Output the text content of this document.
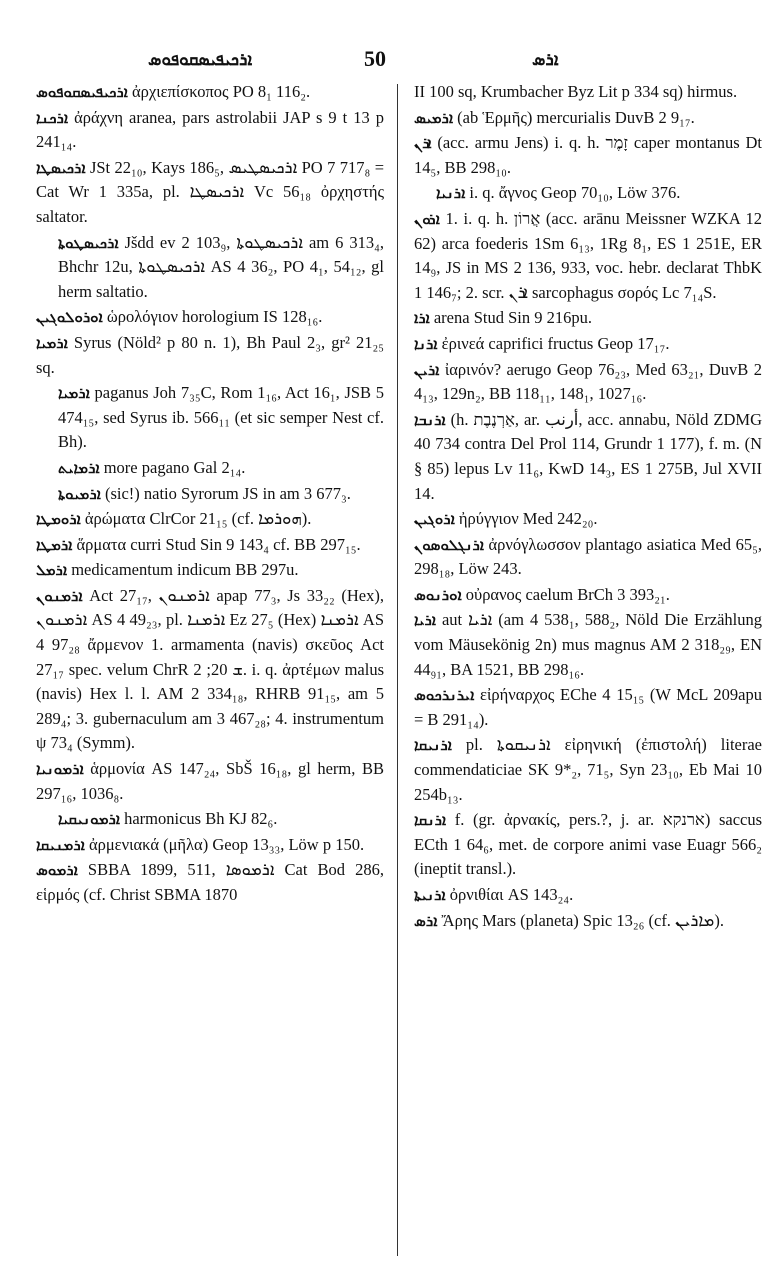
ܐܪܟܝܦܝܣܩܘܦܘܣ	50	ܐܪܣ

ܐܪܟܝܦܝܣܩܘܦܘܣ ἀρχιεπίσκοπος PO 8₁ 116₂.

ܐܪܟܢܐ ἀράχνη aranea, pars astrolabii JAP s 9 t 13 p 241₁₄.

ܐܪܟܝܣܛܐ JSt 22₁₀, Kays 186₅, ܐܪܟܝܣܛܝܣ PO 7 717₈ = Cat Wr 1 335a, pl. ܐܪܟܝܣܛܐ Vc 56₁₈ ὀρχηστής saltator.

ܐܪܟܝܣܛܘܬܐ Jšdd ev 2 103₉, ܐܪܟܝܣܛܘܬܐ am 6 313₄, Bhchr 12u, ܐܪܟܝܣܛܘܬܐ AS 4 36₂, PO 4₁, 54₁₂, gl herm saltatio.

ܐܘܪܘܠܘܓܝܢ ὡρολόγιον horologium IS 128₁₆.

ܐܪܡܝܐ Syrus (Nöld² p 80 n. 1), Bh Paul 2₃, gr² 21₂₅ sq.

ܐܪܡܝܐ paganus Joh 7₃₅C, Rom 1₁₆, Act 16₁, JSB 5 474₁₅, sed Syrus ib. 566₁₁ (et sic semper Nest cf. Bh).

ܐܪܡܐܝܬ more pagano Gal 2₁₄.

ܐܪܡܝܘܬܐ (sic!) natio Syrorum JS in am 3 677₃.

ܐܪܘܡܛܐ ἀρώματα ClrCor 21₁₅ (cf. ܗܘܪܡܐ).

ܐܪܡܛܐ ἅρματα curri Stud Sin 9 143₄ cf. BB 297₁₅.

ܐܪܡܠ medicamentum indicum BB 297u.

ܐܪܡܢܘܢ Act 27₁₇, ܐܪܡܢܘܢ apap 77₃, Js 33₂₂ (Hex), ܐܪܡܢܘܢ AS 4 49₂₃, pl. ܐܪܡܢܐ Ez 27₅ (Hex) ܐܪܡܢܐ AS 4 97₂₈ ἄρμενον 1. armamenta (navis) σκεῦος Act 27₁₇ spec. velum ChrR ܫ 20; 2. i. q. ἀρτέμων malus (navis) Hex l. l. AM 2 334₁₈, RHRB 91₁₅, am 5 289₄; 3. gubernaculum am 3 467₂₈; 4. instrumentum ψ 73₄ (Symm).

ܐܪܡܘܢܝܐ ἁρμονία AS 147₂₄, SbŠ 16₁₈, gl herm, BB 297₁₆, 1036₈.

ܐܪܡܘܢܝܩܝܐ harmonicus Bh KJ 82₆.

ܐܪܡܢܝܩܐ ἀρμενιακά (μῆλα) Geop 13₃₃, Löw p 150.

ܐܪܡܘܣ SBBA 1899, 511, ܐܪܡܘܣܐ Cat Bod 286, εἱρμός (cf. Christ SBMA 1870

II 100 sq, Krumbacher Byz Lit p 334 sq) hirmus.

ܐܪܡܝܣ (ab Ἑρμῆς) mercurialis DuvB 2 9₁₇.

ܐܪܢ (acc. armu Jens) i. q. h. זָמֶר caper montanus Dt 14₅, BB 298₁₀.

ܐܪܢܝܐ i. q. ἄγνος Geop 70₁₀, Löw 376.

ܐܪܘܢ 1. i. q. h. אֲרוֹן (acc. arānu Meissner WZKA 12 62) arca foederis 1Sm 6₁₃, 1Rg 8₁, ES 1 251E, ER 14₉, JS in MS 2 136, 933, voc. hebr. declarat ThbK 1 146₇; 2. scr. ܐܪܢ sarcophagus σορός Lc 7₁₄S.

ܐܪܐ arena Stud Sin 9 216pu.

ܐܪܢܐ ἐρινεά caprifici fructus Geop 17₁₇.

ܐܪܝܢ ἰαρινόν? aerugo Geop 76₂₃, Med 63₂₁, DuvB 2 4₁₃, 129n₂, BB 118₁₁, 148₁, 1027₁₆.

ܐܪܢܒܐ (h. אַרְנֶבֶת, ar. أرنب, acc. annabu, Nöld ZDMG 40 734 contra Del Prol 114, Grundr 1 177), f. m. (N § 85) lepus Lv 11₆, KwD 14₃, ES 1 275B, Jul XVII 14.

ܐܪܘܓܝܢ ἠρύγγιον Med 242₂₀.

ܐܪܢܓܠܘܣܘܢ ἀρνόγλωσσον plantago asiatica Med 65₅, 298₁₈, Löw 243.

ܐܘܪܢܘܣ οὐρανος caelum BrCh 3 393₂₁.

ܐܪܝܐ aut ܐܪܝܐ (am 4 538₁, 588₂, Nöld Die Erzählung vom Mäusekönig 2n) mus magnus AM 2 318₂₉, EN 44₉₁, BA 1521, BB 298₁₆.

ܐܝܪܢܪܟܘܣ εἰρήναρχος EChe 4 15₁₅ (W McL 209apu = B 291₁₄).

ܐܪܢܝܩܐ pl. ܐܪܢܝܩܘܬܐ εἰρηνική (ἐπιστολή) literae commendaticiae SK 9*₂, 71₅, Syn 23₁₀, Eb Mai 10 254b₁₃.

ܐܪܢܩܐ f. (gr. ἀρνακίς, pers.?, j. ar. ארנקא) saccus ECth 1 64₆, met. de corpore animi vase Euagr 566₂ (ineptit transl.).

ܐܪܢܝܬܐ ὀρνιθίαι AS 143₂₄.

ܐܪܣ Ἄρης Mars (planeta) Spic 13₂₆ (cf. ܡܐܪܝܢ).
